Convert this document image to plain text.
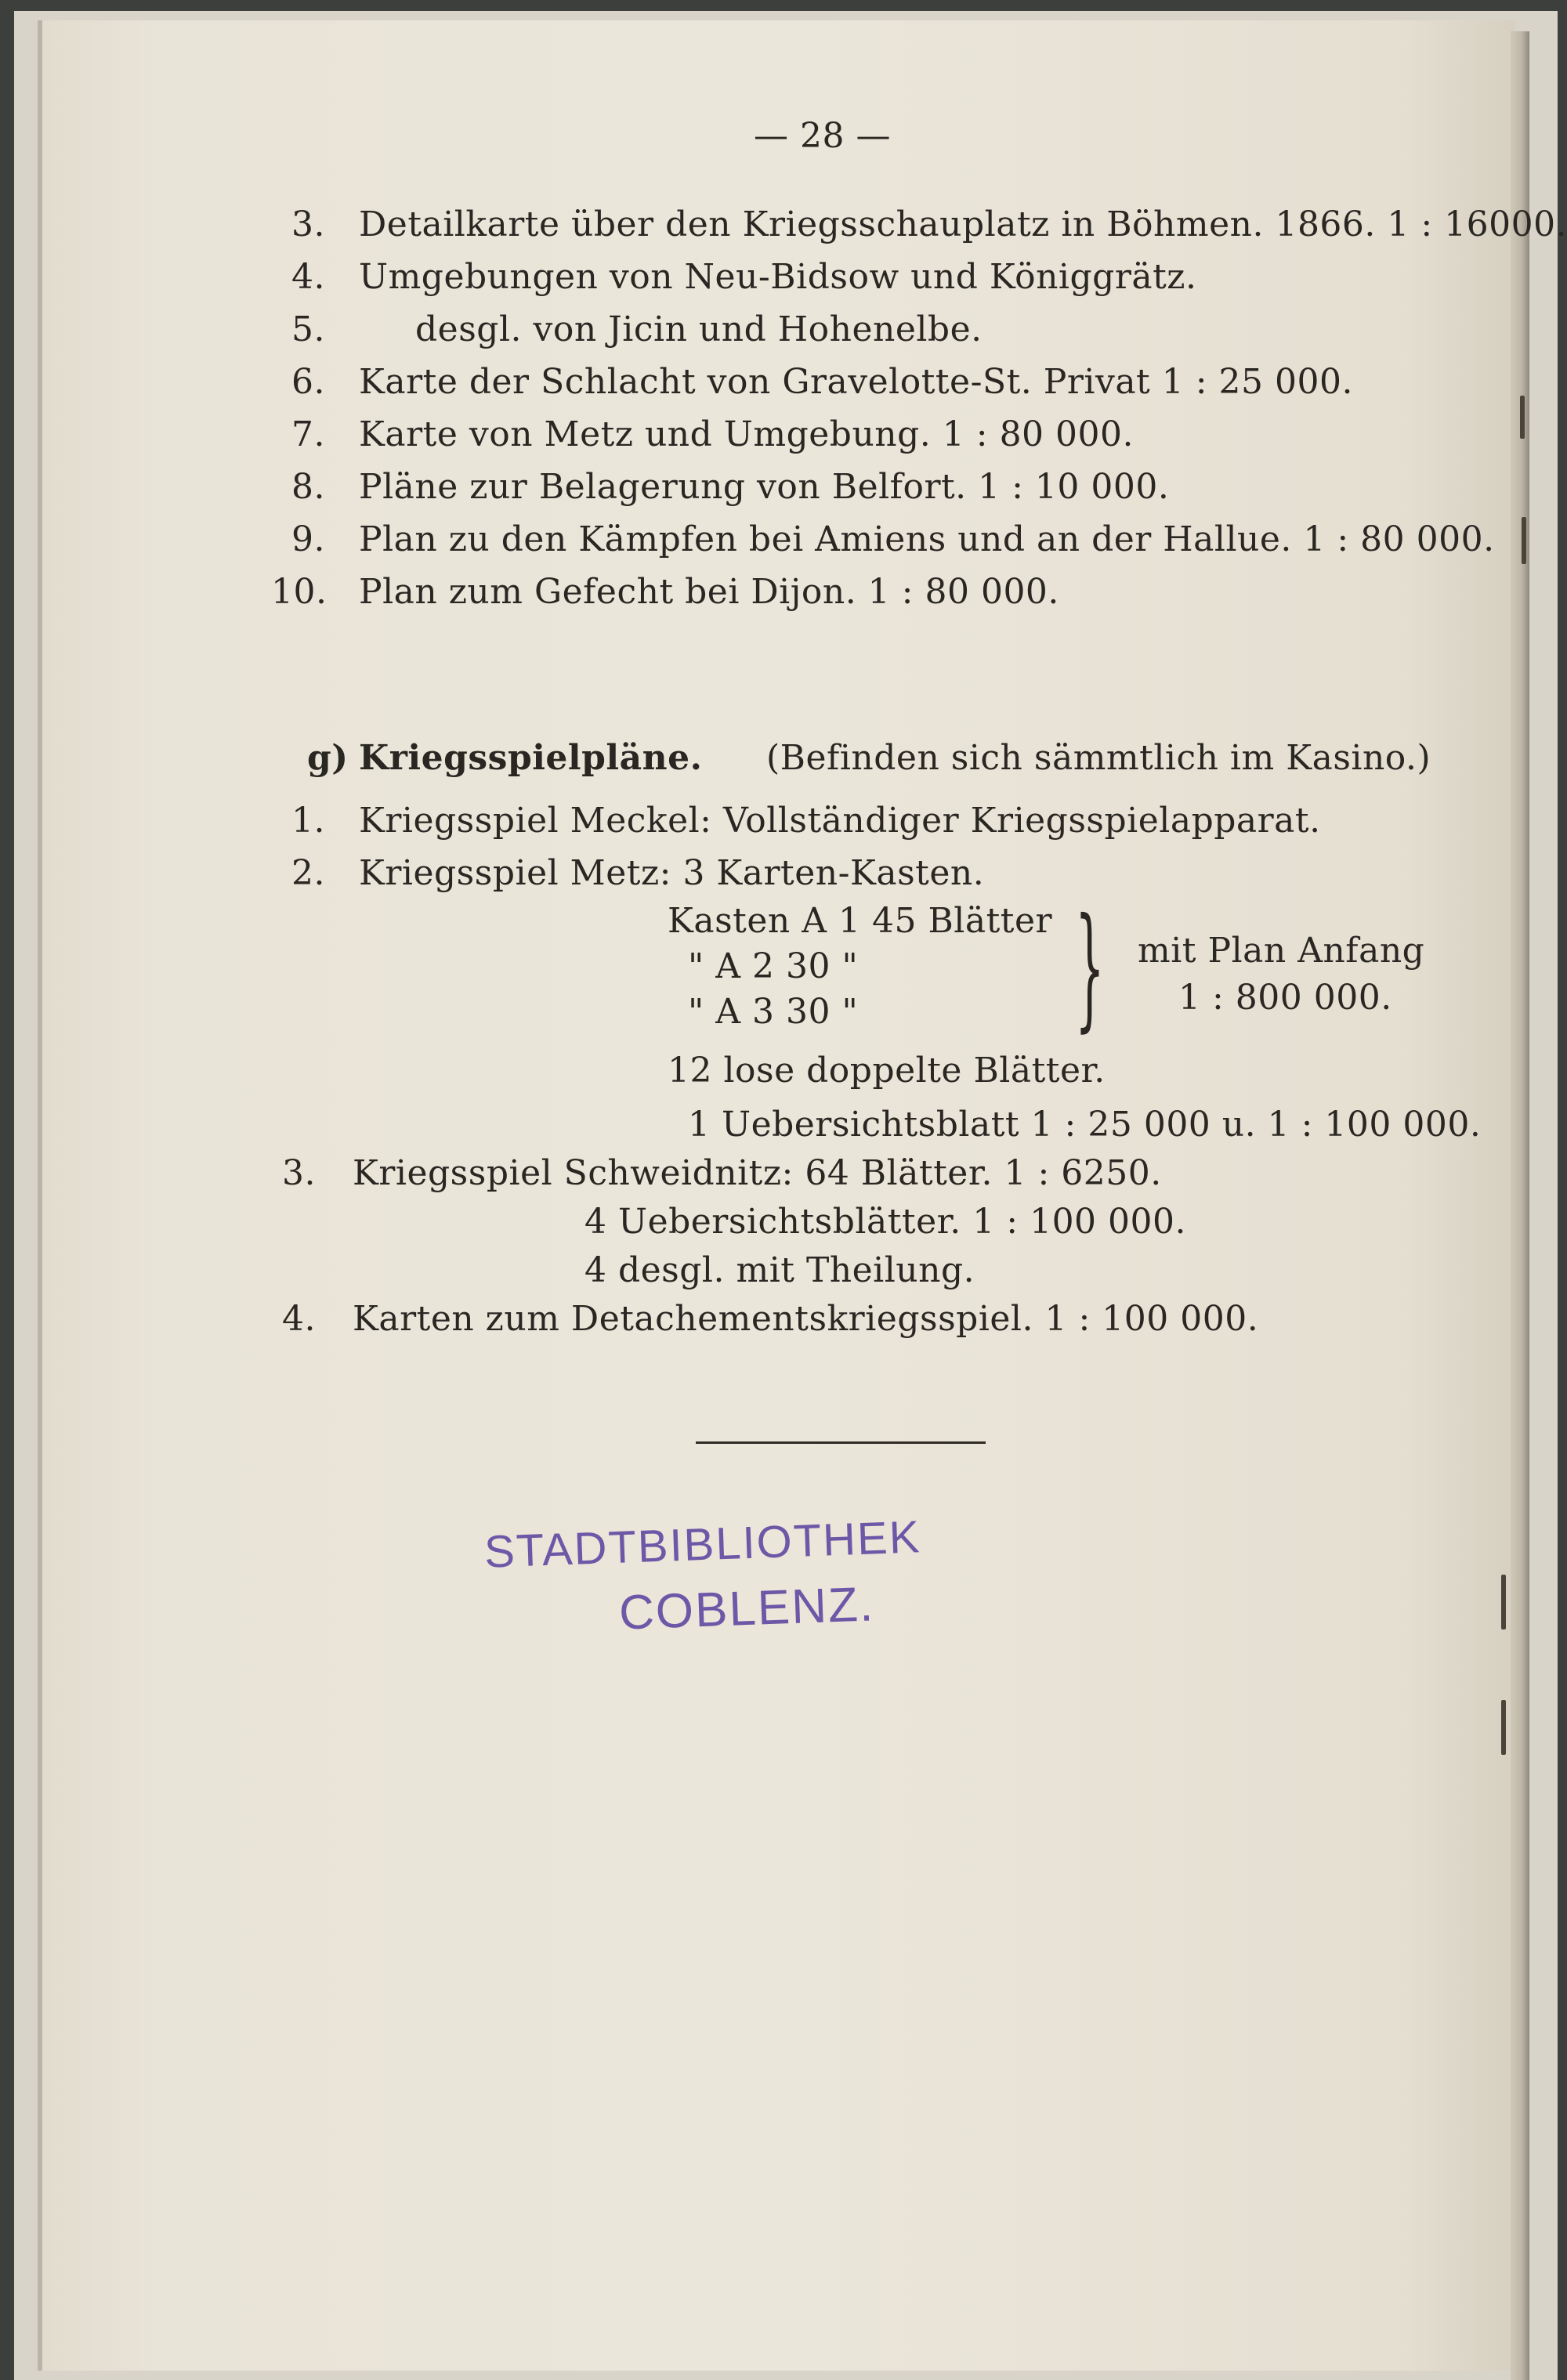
— 28 —
3. Detailkarte über den Kriegsschauplatz in Böhmen. 1866. 1 : 16000.
4. Umgebungen von Neu-Bidsow und Königgrätz.
5.	desgl. von Jicin und Hohenelbe.
6. Karte der Schlacht von Gravelotte-St. Privat 1 : 25 000.
7. Karte von Metz und Umgebung. 1 : 80 000.
8. Pläne zur Belagerung von Belfort. 1 : 10 000.
9. Plan zu den Kämpfen bei Amiens und an der Hallue. 1 : 80 000.
10. Plan zum Gefecht bei Dijon. 1 : 80 000.
g) Kriegsspielpläne. (Befinden sich sämmtlich im Kasino.)
1. Kriegsspiel Meckel: Vollständiger Kriegsspielapparat.
2. Kriegsspiel Metz: 3 Karten-Kasten.
Kasten A 1 45 Blätter
" A 2 30 "
" A 3 30 " } mit Plan Anfang
1 : 800 000.
12 lose doppelte Blätter.
1 Uebersichtsblatt 1 : 25 000 u. 1 : 100 000.
3. Kriegsspiel Schweidnitz: 64 Blätter. 1 : 6250.
4 Uebersichtsblätter. 1 : 100 000.
4 desgl. mit Theilung.
4. Karten zum Detachementskriegsspiel. 1 : 100 000.
STADTBIBLIOTHEK
COBLENZ.
